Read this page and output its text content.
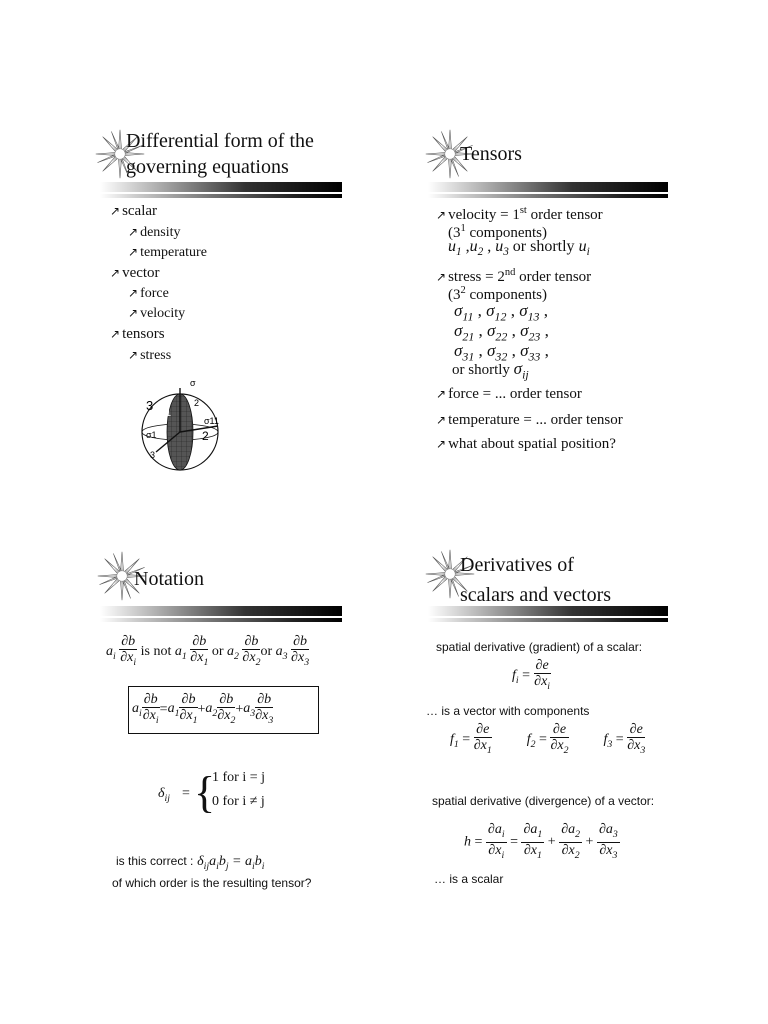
Differential form of the
governing equations
↗ scalar
↗ density
↗ temperature
↗ vector
↗ force
↗ velocity
↗ tensors
↗ stress
σ
2
3 1
σ11
σ1	2
3
Tensors
↗ velocity = 1st order tensor
($3^1$ components)
$u_1$ $,u_2$ , $u_3$ or shortly $u_i$
↗ stress = 2nd order tensor
($3^2$ components)
$\sigma_{11}$ , $\sigma_{12}$ , $\sigma_{13}$ ,
$\sigma_{21}$ , $\sigma_{22}$ , $\sigma_{23}$ ,
$\sigma_{31}$ , $\sigma_{32}$ , $\sigma_{33}$ ,
or shortly $\sigma_{ij}$
↗ force = ... order tensor
↗ temperature = ... order tensor
↗ what about spatial position?
Notation
$a_i \frac{\partial b}{\partial x_i}$ is not $a_1 \frac{\partial b}{\partial x_1}$ or $a_2 \frac{\partial b}{\partial x_2}$ or $a_3 \frac{\partial b}{\partial x_3}$
$a_i \frac{\partial b}{\partial x_i} = a_1 \frac{\partial b}{\partial x_1} + a_2 \frac{\partial b}{\partial x_2} + a_3 \frac{\partial b}{\partial x_3}$
$\delta_{ij}$ = {
1 for i = j
0 for i ≠ j
is this correct : $\delta_{ij}a_ib_j = a_ib_i$
of which order is the resulting tensor?
Derivatives of
scalars and vectors
spatial derivative (gradient) of a scalar:
$f_i = \frac{\partial e}{\partial x_i}$
… is a vector with components
$f_1 = \frac{\partial e}{\partial x_1}$	$f_2 = \frac{\partial e}{\partial x_2}$	$f_3 = \frac{\partial e}{\partial x_3}$
spatial derivative (divergence) of a vector:
$h = \frac{\partial a_i}{\partial x_i} = \frac{\partial a_1}{\partial x_1} + \frac{\partial a_2}{\partial x_2} + \frac{\partial a_3}{\partial x_3}$
… is a scalar
